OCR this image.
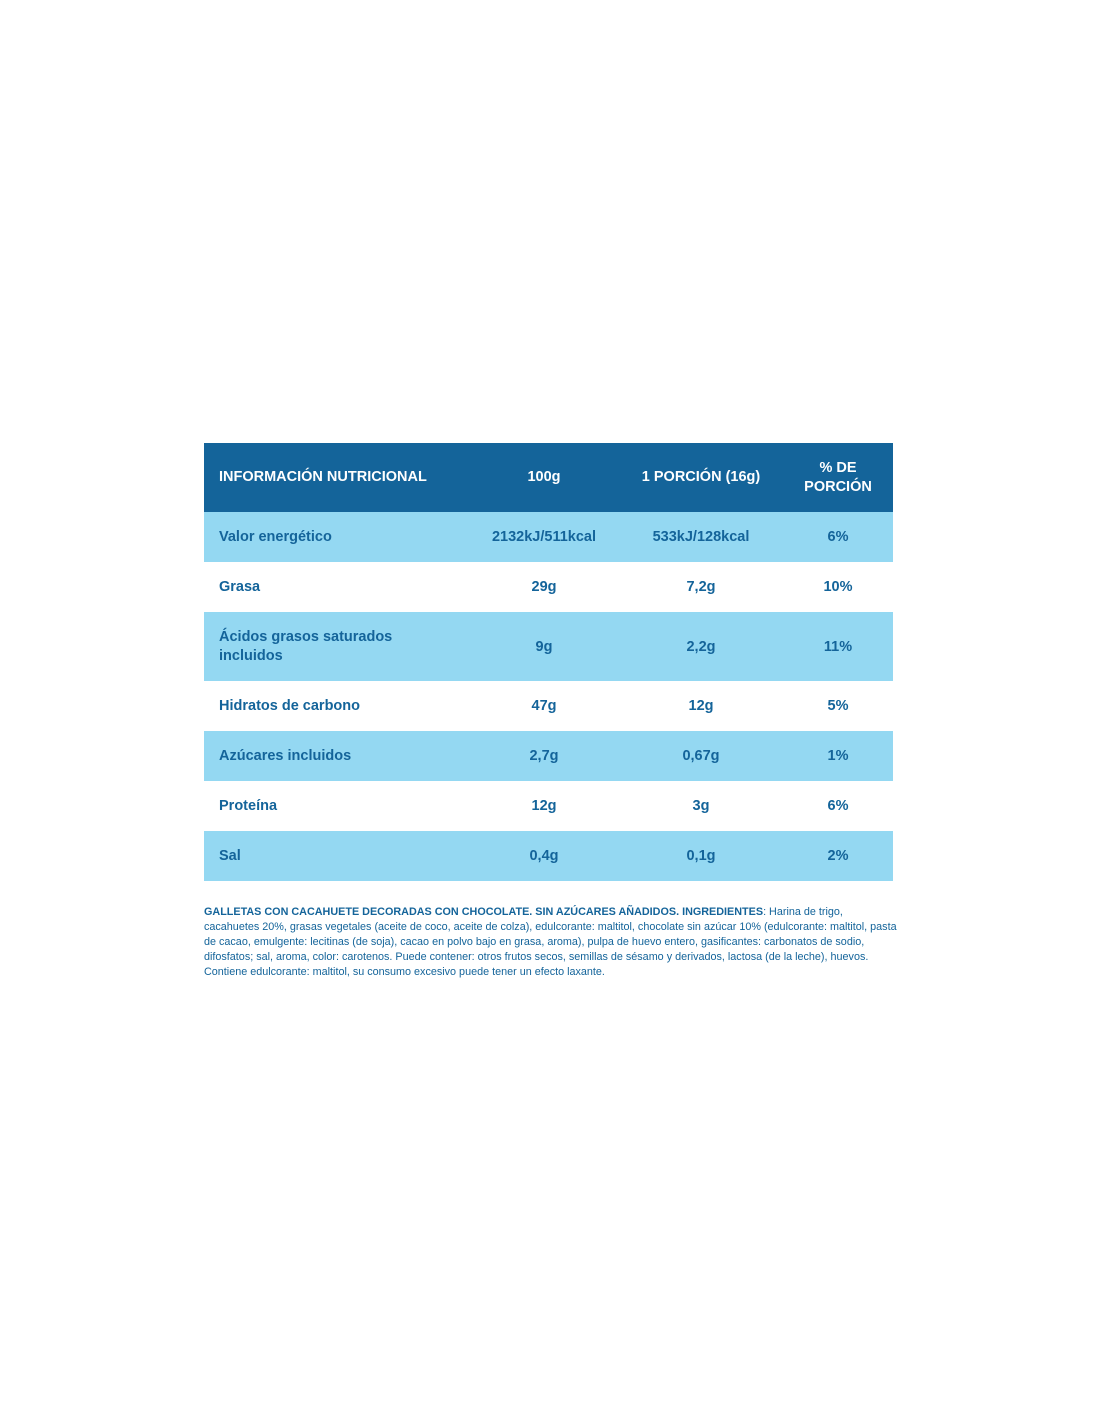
INFORMACIÓN NUTRICIONAL	100g	1 PORCIÓN (16g)	% DE
PORCIÓN
Valor energético	2132kJ/511kcal	533kJ/128kcal	6%
Grasa	29g	7,2g	10%
Ácidos grasos saturados
incluidos	9g	2,2g	11%
Hidratos de carbono	47g	12g	5%
Azúcares incluidos	2,7g	0,67g	1%
Proteína	12g	3g	6%
Sal	0,4g	0,1g	2%

GALLETAS CON CACAHUETE DECORADAS CON CHOCOLATE. SIN AZÚCARES AÑADIDOS. INGREDIENTES: Harina de trigo, cacahuetes 20%, grasas vegetales (aceite de coco, aceite de colza), edulcorante: maltitol, chocolate sin azúcar 10% (edulcorante: maltitol, pasta de cacao, emulgente: lecitinas (de soja), cacao en polvo bajo en grasa, aroma), pulpa de huevo entero, gasificantes: carbonatos de sodio, difosfatos; sal, aroma, color: carotenos. Puede contener: otros frutos secos, semillas de sésamo y derivados, lactosa (de la leche), huevos. Contiene edulcorante: maltitol, su consumo excesivo puede tener un efecto laxante.
